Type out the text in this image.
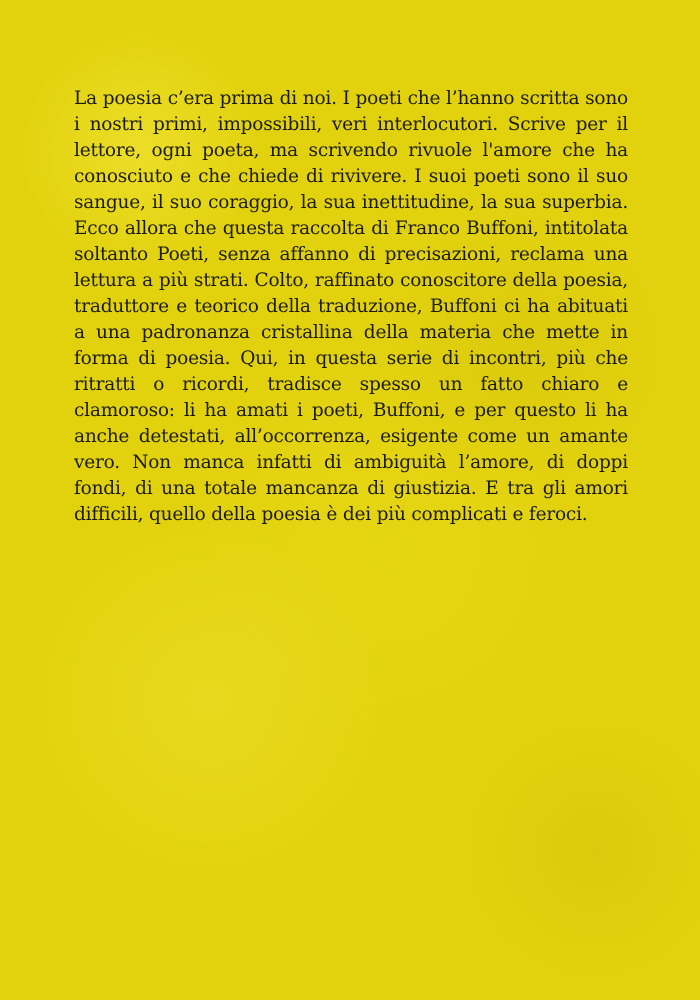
La poesia c’era prima di noi. I poeti che l’hanno scritta sono i nostri primi, impossibili, veri interlocutori. Scrive per il lettore, ogni poeta, ma scrivendo rivuole l'amore che ha conosciuto e che chiede di rivivere. I suoi poeti sono il suo sangue, il suo coraggio, la sua inettitudine, la sua superbia. Ecco allora che questa raccolta di Franco Buffoni, intitolata soltanto Poeti, senza affanno di precisazioni, reclama una lettura a più strati. Colto, raffinato conoscitore della poesia, traduttore e teorico della traduzione, Buffoni ci ha abituati a una padronanza cristallina della materia che mette in forma di poesia. Qui, in questa serie di incontri, più che ritratti o ricordi, tradisce spesso un fatto chiaro e clamoroso: li ha amati i poeti, Buffoni, e per questo li ha anche detestati, all’occorrenza, esigente come un amante vero. Non manca infatti di ambiguità l’amore, di doppi fondi, di una totale mancanza di giustizia. E tra gli amori difficili, quello della poesia è dei più complicati e feroci.
